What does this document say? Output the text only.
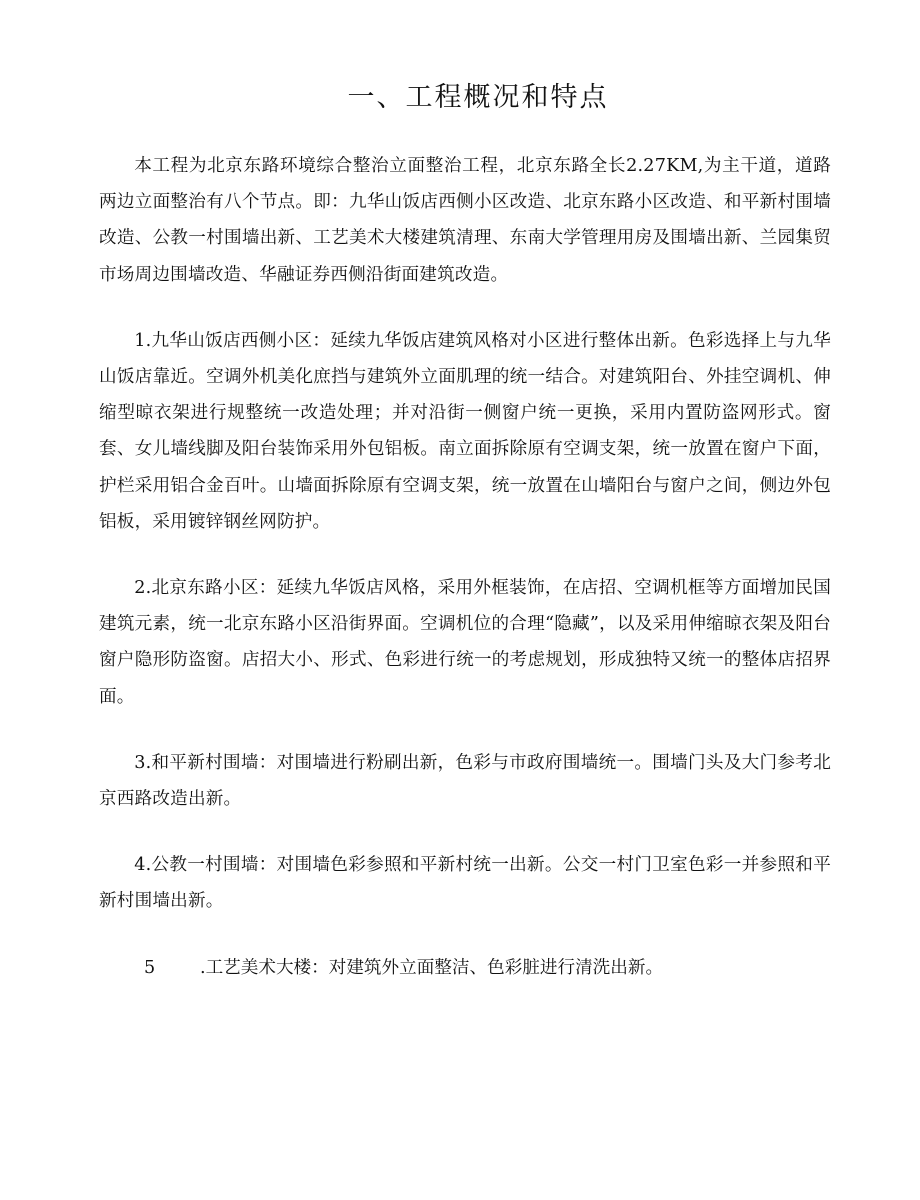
一、工程概况和特点

本工程为北京东路环境综合整治立面整治工程，北京东路全长2.27KM,为主干道，道路两边立面整治有八个节点。即：九华山饭店西侧小区改造、北京东路小区改造、和平新村围墙改造、公教一村围墙出新、工艺美术大楼建筑清理、东南大学管理用房及围墙出新、兰园集贸市场周边围墙改造、华融证券西侧沿街面建筑改造。

1.九华山饭店西侧小区：延续九华饭店建筑风格对小区进行整体出新。色彩选择上与九华山饭店靠近。空调外机美化庶挡与建筑外立面肌理的统一结合。对建筑阳台、外挂空调机、伸缩型晾衣架进行规整统一改造处理；并对沿街一侧窗户统一更换，采用内置防盗网形式。窗套、女儿墙线脚及阳台装饰采用外包铝板。南立面拆除原有空调支架，统一放置在窗户下面，护栏采用铝合金百叶。山墙面拆除原有空调支架，统一放置在山墙阳台与窗户之间，侧边外包铝板，采用镀锌钢丝网防护。

2.北京东路小区：延续九华饭店风格，采用外框装饰，在店招、空调机框等方面增加民国建筑元素，统一北京东路小区沿街界面。空调机位的合理“隐藏”，以及采用伸缩晾衣架及阳台窗户隐形防盗窗。店招大小、形式、色彩进行统一的考虑规划，形成独特又统一的整体店招界面。

3.和平新村围墙：对围墙进行粉刷出新，色彩与市政府围墙统一。围墙门头及大门参考北京西路改造出新。

4.公教一村围墙：对围墙色彩参照和平新村统一出新。公交一村门卫室色彩一并参照和平新村围墙出新。

5	.工艺美术大楼：对建筑外立面整洁、色彩脏进行清洗出新。
